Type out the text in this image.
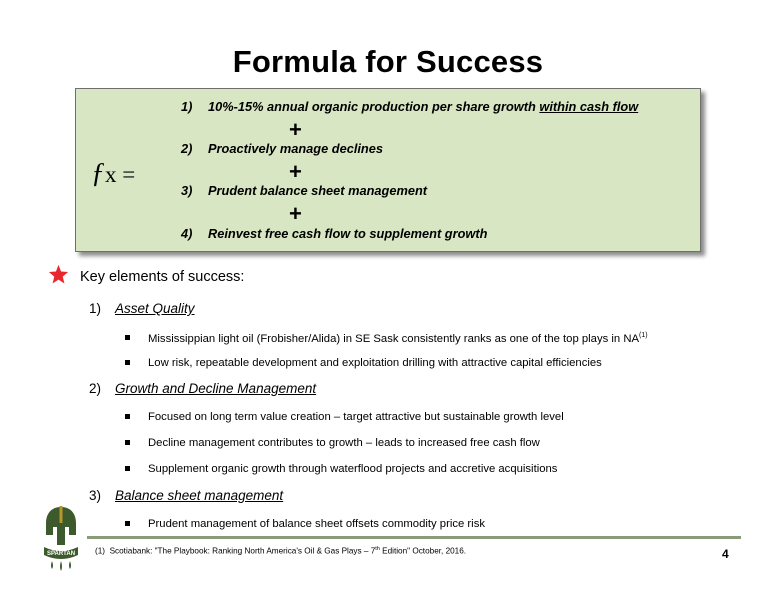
Formula for Success
ƒx =
1) 10%-15% annual organic production per share growth within cash flow
+
2) Proactively manage declines
+
3) Prudent balance sheet management
+
4) Reinvest free cash flow to supplement growth
Key elements of success:
1) Asset Quality
Mississippian light oil (Frobisher/Alida) in SE Sask consistently ranks as one of the top plays in NA$^{(1)}$
Low risk, repeatable development and exploitation drilling with attractive capital efficiencies
2) Growth and Decline Management
Focused on long term value creation – target attractive but sustainable growth level
Decline management contributes to growth – leads to increased free cash flow
Supplement organic growth through waterflood projects and accretive acquisitions
3) Balance sheet management
Prudent management of balance sheet offsets commodity price risk
SPARTAN (1) Scotiabank: "The Playbook: Ranking North America's Oil & Gas Plays – 7th Edition" October, 2016.	4
